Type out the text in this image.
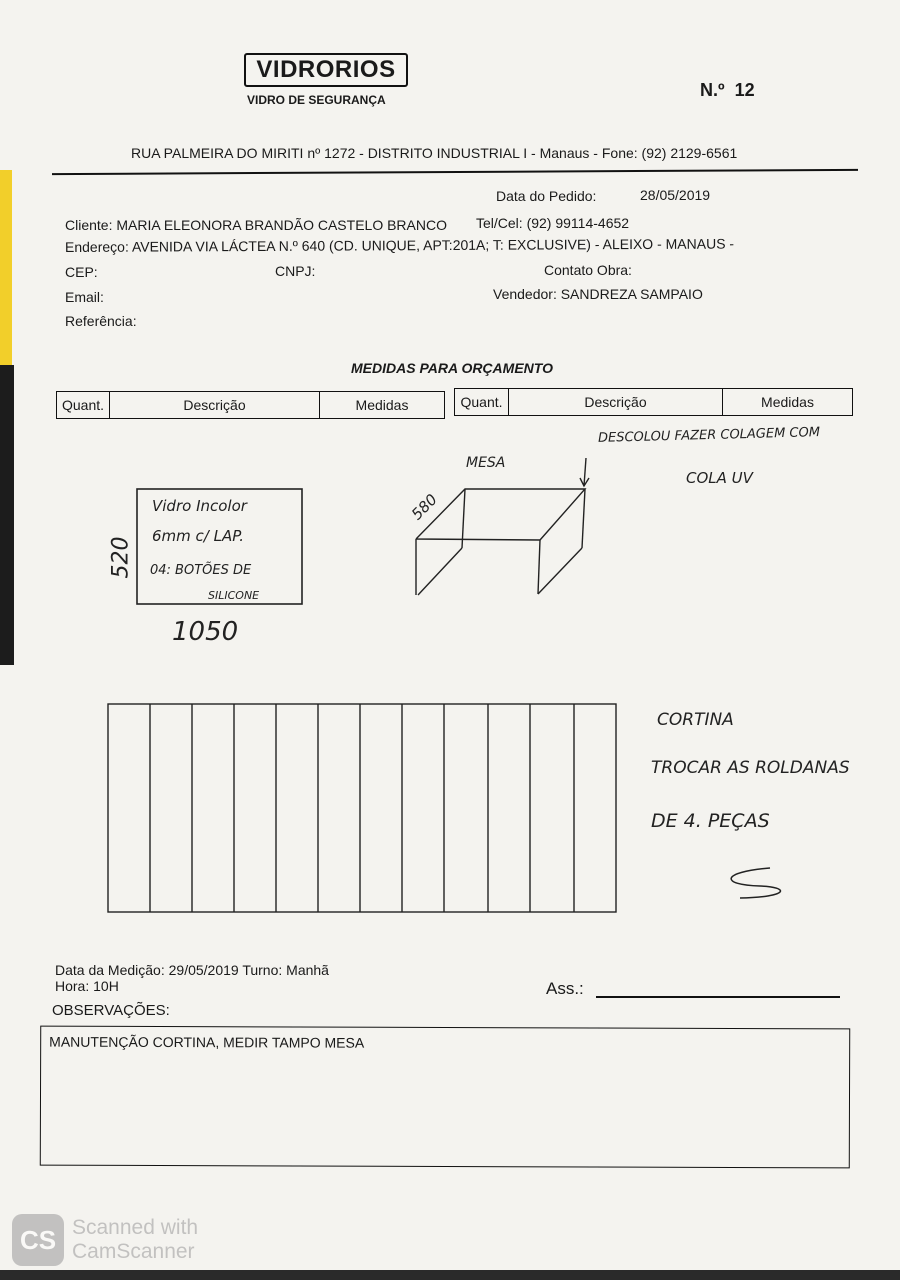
VIDRORIOS
VIDRO DE SEGURANÇA	N.º 12
RUA PALMEIRA DO MIRITI nº 1272 - DISTRITO INDUSTRIAL I - Manaus - Fone: (92) 2129-6561
Data do Pedido:	28/05/2019
Cliente: MARIA ELEONORA BRANDÃO CASTELO BRANCO Tel/Cel: (92) 99114-4652
Endereço: AVENIDA VIA LÁCTEA N.º 640 (CD. UNIQUE, APT:201A; T: EXCLUSIVE) - ALEIXO - MANAUS -
CEP:	CNPJ:	Contato Obra:
Email:	Vendedor: SANDREZA SAMPAIO
Referência:
MEDIDAS PARA ORÇAMENTO
Quant.	Descrição	Medidas	Quant.	Descrição	Medidas
Vidro Incolor
6mm c/ LAP.
04: BOTÕES DE
SILICONE
520
1050
MESA
580
DESCOLOU FAZER COLAGEM COM
COLA UV
CORTINA
TROCAR AS ROLDANAS
DE 4. PEÇAS
Data da Medição: 29/05/2019 Turno: Manhã
Hora: 10H	Ass.:
OBSERVAÇÕES:
MANUTENÇÃO CORTINA, MEDIR TAMPO MESA
CS Scanned with
CamScanner
